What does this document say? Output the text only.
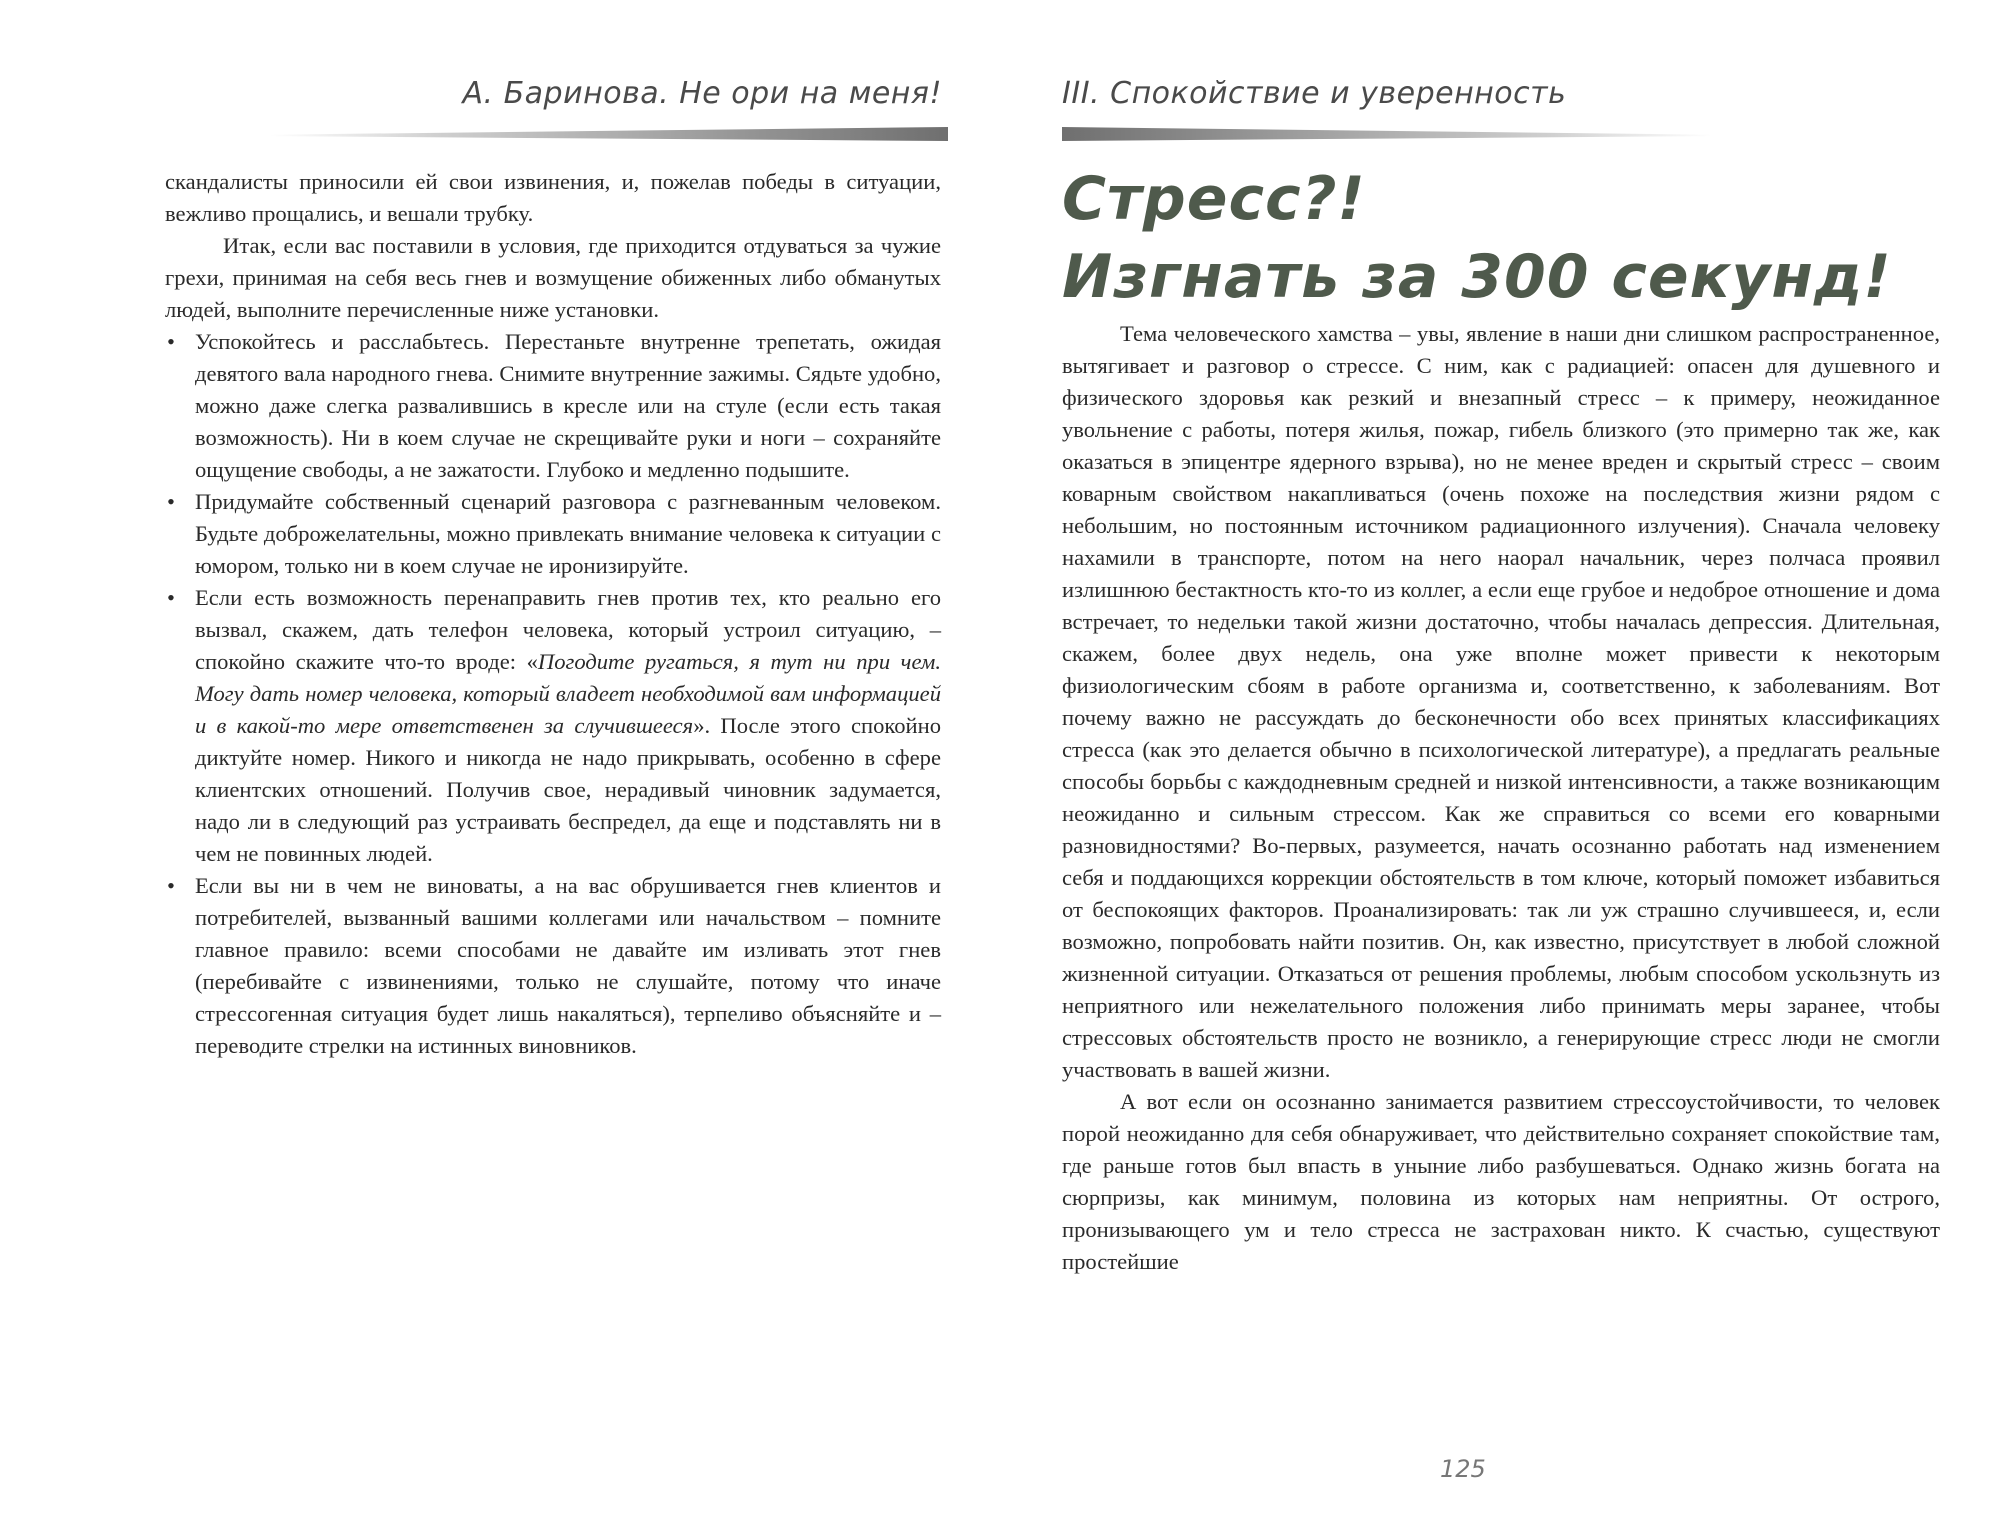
А. Баринова. Не ори на меня!

скандалисты приносили ей свои извинения, и, пожелав победы в ситуации, вежливо прощались, и вешали трубку.

Итак, если вас поставили в условия, где приходится отдуваться за чужие грехи, принимая на себя весь гнев и возмущение обиженных либо обманутых людей, выполните перечисленные ниже установки.

• Успокойтесь и расслабьтесь. Перестаньте внутренне трепетать, ожидая девятого вала народного гнева. Снимите внутренние зажимы. Сядьте удобно, можно даже слегка развалившись в кресле или на стуле (если есть такая возможность). Ни в коем случае не скрещивайте руки и ноги – сохраняйте ощущение свободы, а не зажатости. Глубоко и медленно подышите.
• Придумайте собственный сценарий разговора с разгневанным человеком. Будьте доброжелательны, можно привлекать внимание человека к ситуации с юмором, только ни в коем случае не иронизируйте.
• Если есть возможность перенаправить гнев против тех, кто реально его вызвал, скажем, дать телефон человека, который устроил ситуацию, – спокойно скажите что-то вроде: «Погодите ругаться, я тут ни при чем. Могу дать номер человека, который владеет необходимой вам информацией и в какой-то мере ответственен за случившееся». После этого спокойно диктуйте номер. Никого и никогда не надо прикрывать, особенно в сфере клиентских отношений. Получив свое, нерадивый чиновник задумается, надо ли в следующий раз устраивать беспредел, да еще и подставлять ни в чем не повинных людей.
• Если вы ни в чем не виноваты, а на вас обрушивается гнев клиентов и потребителей, вызванный вашими коллегами или начальством – помните главное правило: всеми способами не давайте им изливать этот гнев (перебивайте с извинениями, только не слушайте, потому что иначе стрессогенная ситуация будет лишь накаляться), терпеливо объясняйте и – переводите стрелки на истинных виновников.
III. Спокойствие и уверенность
Стресс?!
Изгнать за 300 секунд!

Тема человеческого хамства – увы, явление в наши дни слишком распространенное, вытягивает и разговор о стрессе. С ним, как с радиацией: опасен для душевного и физического здоровья как резкий и внезапный стресс – к примеру, неожиданное увольнение с работы, потеря жилья, пожар, гибель близкого (это примерно так же, как оказаться в эпицентре ядерного взрыва), но не менее вреден и скрытый стресс – своим коварным свойством накапливаться (очень похоже на последствия жизни рядом с небольшим, но постоянным источником радиационного излучения). Сначала человеку нахамили в транспорте, потом на него наорал начальник, через полчаса проявил излишнюю бестактность кто-то из коллег, а если еще грубое и недоброе отношение и дома встречает, то недельки такой жизни достаточно, чтобы началась депрессия. Длительная, скажем, более двух недель, она уже вполне может привести к некоторым физиологическим сбоям в работе организма и, соответственно, к заболеваниям. Вот почему важно не рассуждать до бесконечности обо всех принятых классификациях стресса (как это делается обычно в психологической литературе), а предлагать реальные способы борьбы с каждодневным средней и низкой интенсивности, а также возникающим неожиданно и сильным стрессом. Как же справиться со всеми его коварными разновидностями? Во-первых, разумеется, начать осознанно работать над изменением себя и поддающихся коррекции обстоятельств в том ключе, который поможет избавиться от беспокоящих факторов. Проанализировать: так ли уж страшно случившееся, и, если возможно, попробовать найти позитив. Он, как известно, присутствует в любой сложной жизненной ситуации. Отказаться от решения проблемы, любым способом ускользнуть из неприятного или нежелательного положения либо принимать меры заранее, чтобы стрессовых обстоятельств просто не возникло, а генерирующие стресс люди не смогли участвовать в вашей жизни.

А вот если он осознанно занимается развитием стрессоустойчивости, то человек порой неожиданно для себя обнаруживает, что действительно сохраняет спокойствие там, где раньше готов был впасть в уныние либо разбушеваться. Однако жизнь богата на сюрпризы, как минимум, половина из которых нам неприятны. От острого, пронизывающего ум и тело стресса не застрахован никто. К счастью, существуют простейшие

125
